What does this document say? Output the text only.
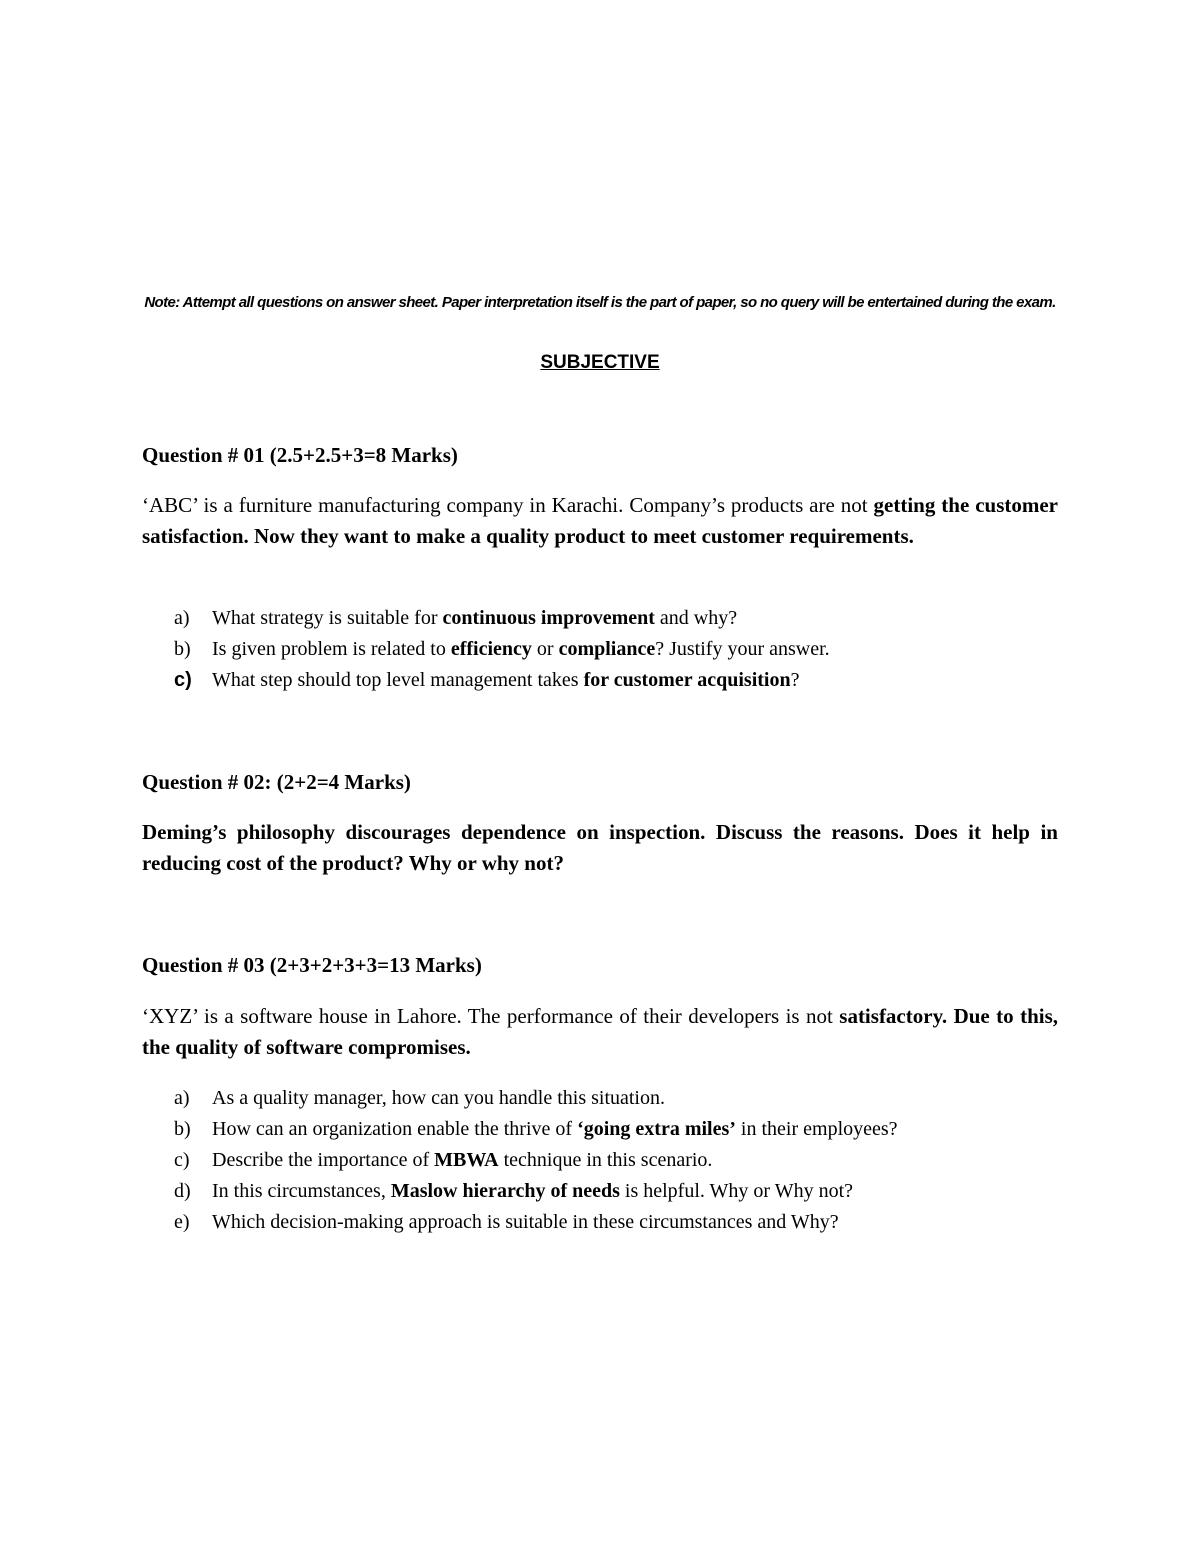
Note: Attempt all questions on answer sheet. Paper interpretation itself is the part of paper, so no query will be entertained during the exam.
SUBJECTIVE
Question # 01 (2.5+2.5+3=8 Marks)
‘ABC’ is a furniture manufacturing company in Karachi. Company’s products are not getting the customer satisfaction. Now they want to make a quality product to meet customer requirements.
a)	What strategy is suitable for continuous improvement and why?
b)	Is given problem is related to efficiency or compliance? Justify your answer.
c)	What step should top level management takes for customer acquisition?
Question # 02: (2+2=4 Marks)
Deming’s philosophy discourages dependence on inspection. Discuss the reasons. Does it help in reducing cost of the product? Why or why not?
Question # 03 (2+3+2+3+3=13 Marks)
‘XYZ’ is a software house in Lahore. The performance of their developers is not satisfactory. Due to this, the quality of software compromises.
a)	As a quality manager, how can you handle this situation.
b)	How can an organization enable the thrive of ‘going extra miles’ in their employees?
c)	Describe the importance of MBWA technique in this scenario.
d)	In this circumstances, Maslow hierarchy of needs is helpful. Why or Why not?
e)	Which decision-making approach is suitable in these circumstances and Why?
